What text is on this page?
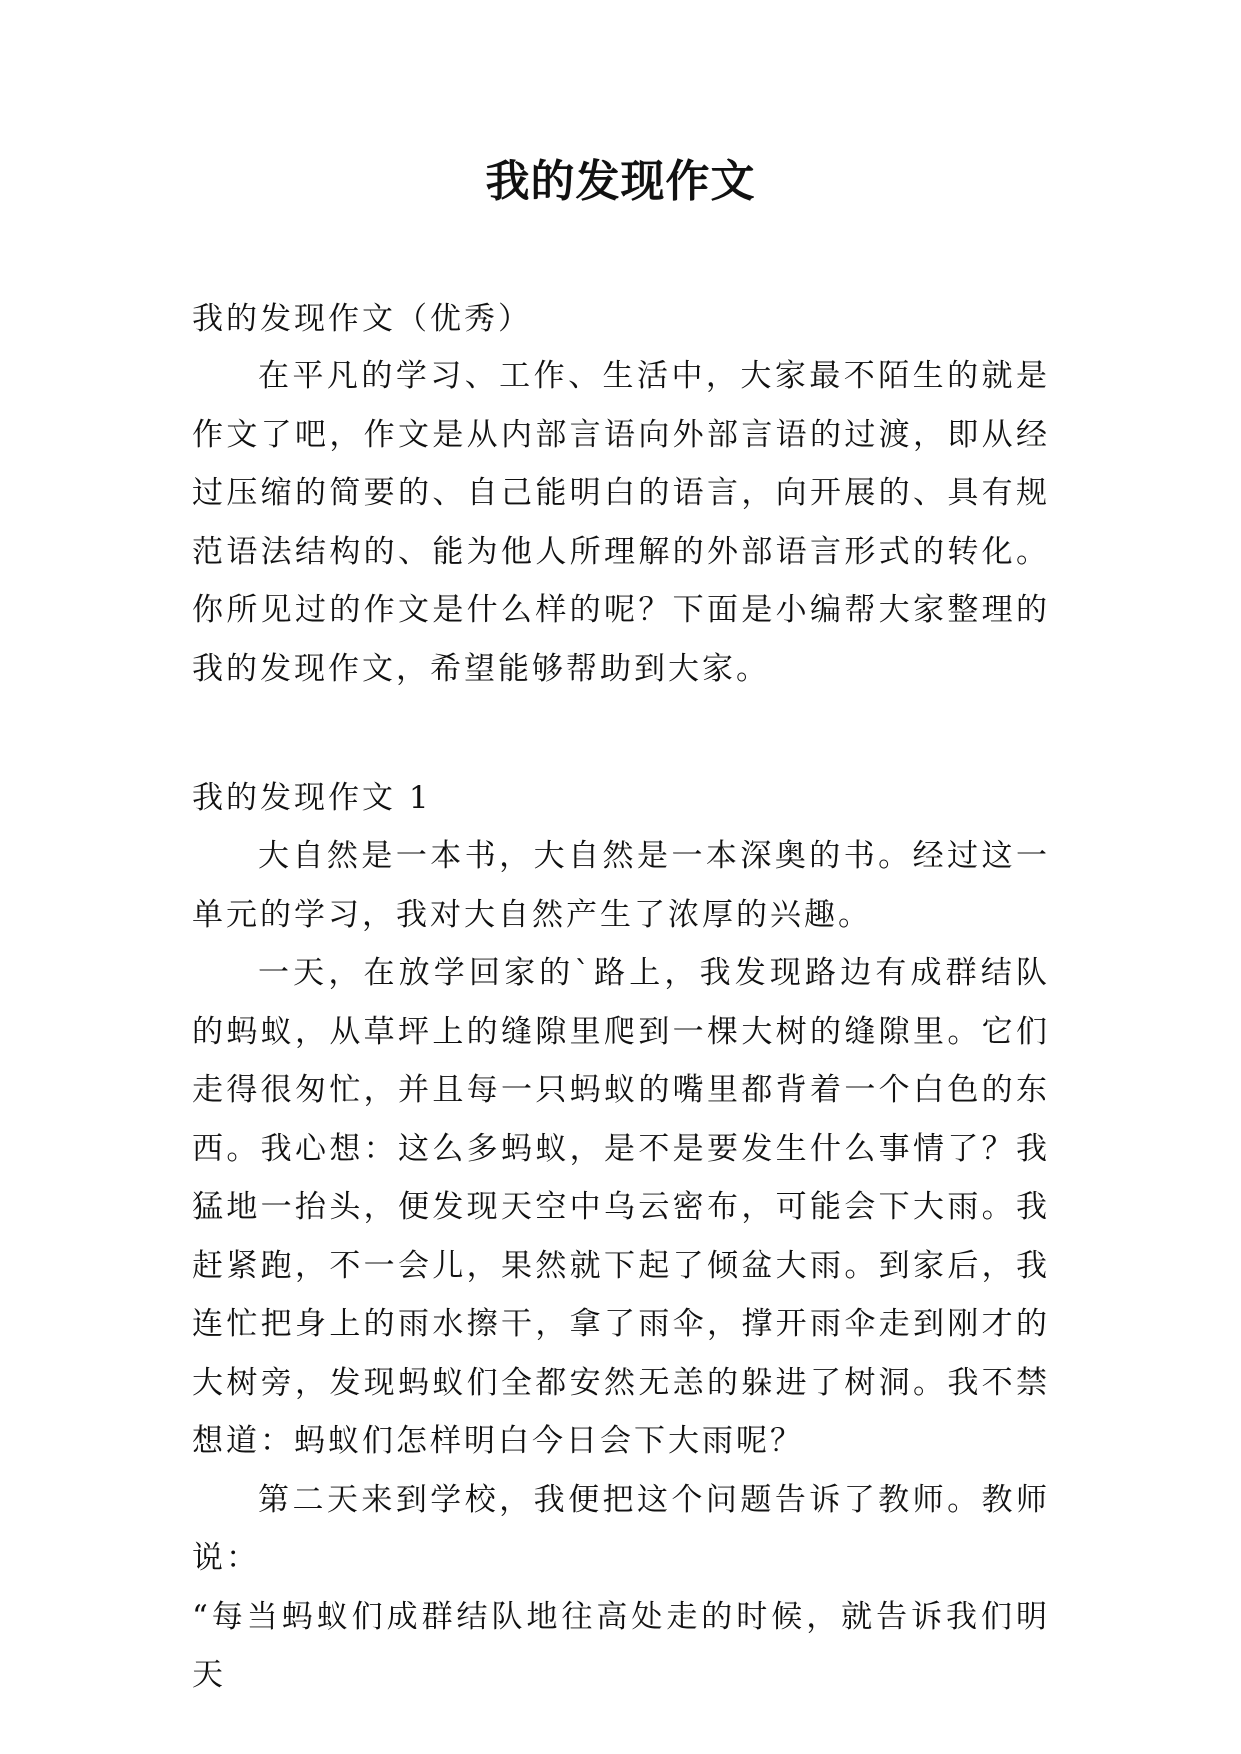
我的发现作文

我的发现作文（优秀）

在平凡的学习、工作、生活中，大家最不陌生的就是作文了吧，作文是从内部言语向外部言语的过渡，即从经过压缩的简要的、自己能明白的语言，向开展的、具有规范语法结构的、能为他人所理解的外部语言形式的转化。你所见过的作文是什么样的呢？下面是小编帮大家整理的我的发现作文，希望能够帮助到大家。

我的发现作文 1

大自然是一本书，大自然是一本深奥的书。经过这一单元的学习，我对大自然产生了浓厚的兴趣。

一天，在放学回家的`路上，我发现路边有成群结队的蚂蚁，从草坪上的缝隙里爬到一棵大树的缝隙里。它们走得很匆忙，并且每一只蚂蚁的嘴里都背着一个白色的东西。我心想：这么多蚂蚁，是不是要发生什么事情了？我猛地一抬头，便发现天空中乌云密布，可能会下大雨。我赶紧跑，不一会儿，果然就下起了倾盆大雨。到家后，我连忙把身上的雨水擦干，拿了雨伞，撑开雨伞走到刚才的大树旁，发现蚂蚁们全都安然无恙的躲进了树洞。我不禁想道：蚂蚁们怎样明白今日会下大雨呢？

第二天来到学校，我便把这个问题告诉了教师。教师说：

“每当蚂蚁们成群结队地往高处走的时候，就告诉我们明天
